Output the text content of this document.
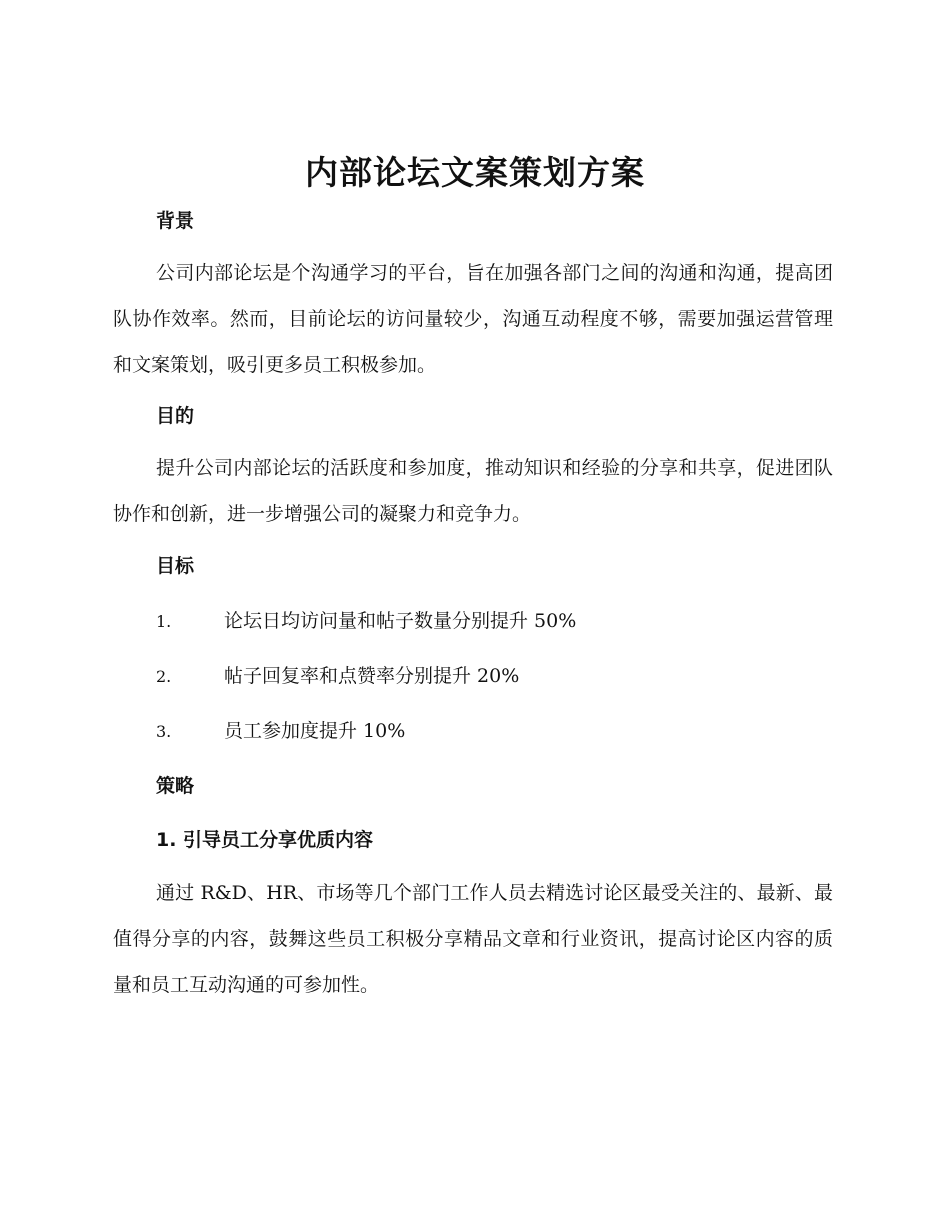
内部论坛文案策划方案
背景

公司内部论坛是个沟通学习的平台，旨在加强各部门之间的沟通和沟通，提高团队协作效率。然而，目前论坛的访问量较少，沟通互动程度不够，需要加强运营管理和文案策划，吸引更多员工积极参加。

目的

提升公司内部论坛的活跃度和参加度，推动知识和经验的分享和共享，促进团队协作和创新，进一步增强公司的凝聚力和竞争力。

目标
1.	论坛日均访问量和帖子数量分别提升 50%
2.	帖子回复率和点赞率分别提升 20%
3.	员工参加度提升 10%
策略
1. 引导员工分享优质内容

通过 R&D、HR、市场等几个部门工作人员去精选讨论区最受关注的、最新、最值得分享的内容，鼓舞这些员工积极分享精品文章和行业资讯，提高讨论区内容的质量和员工互动沟通的可参加性。
